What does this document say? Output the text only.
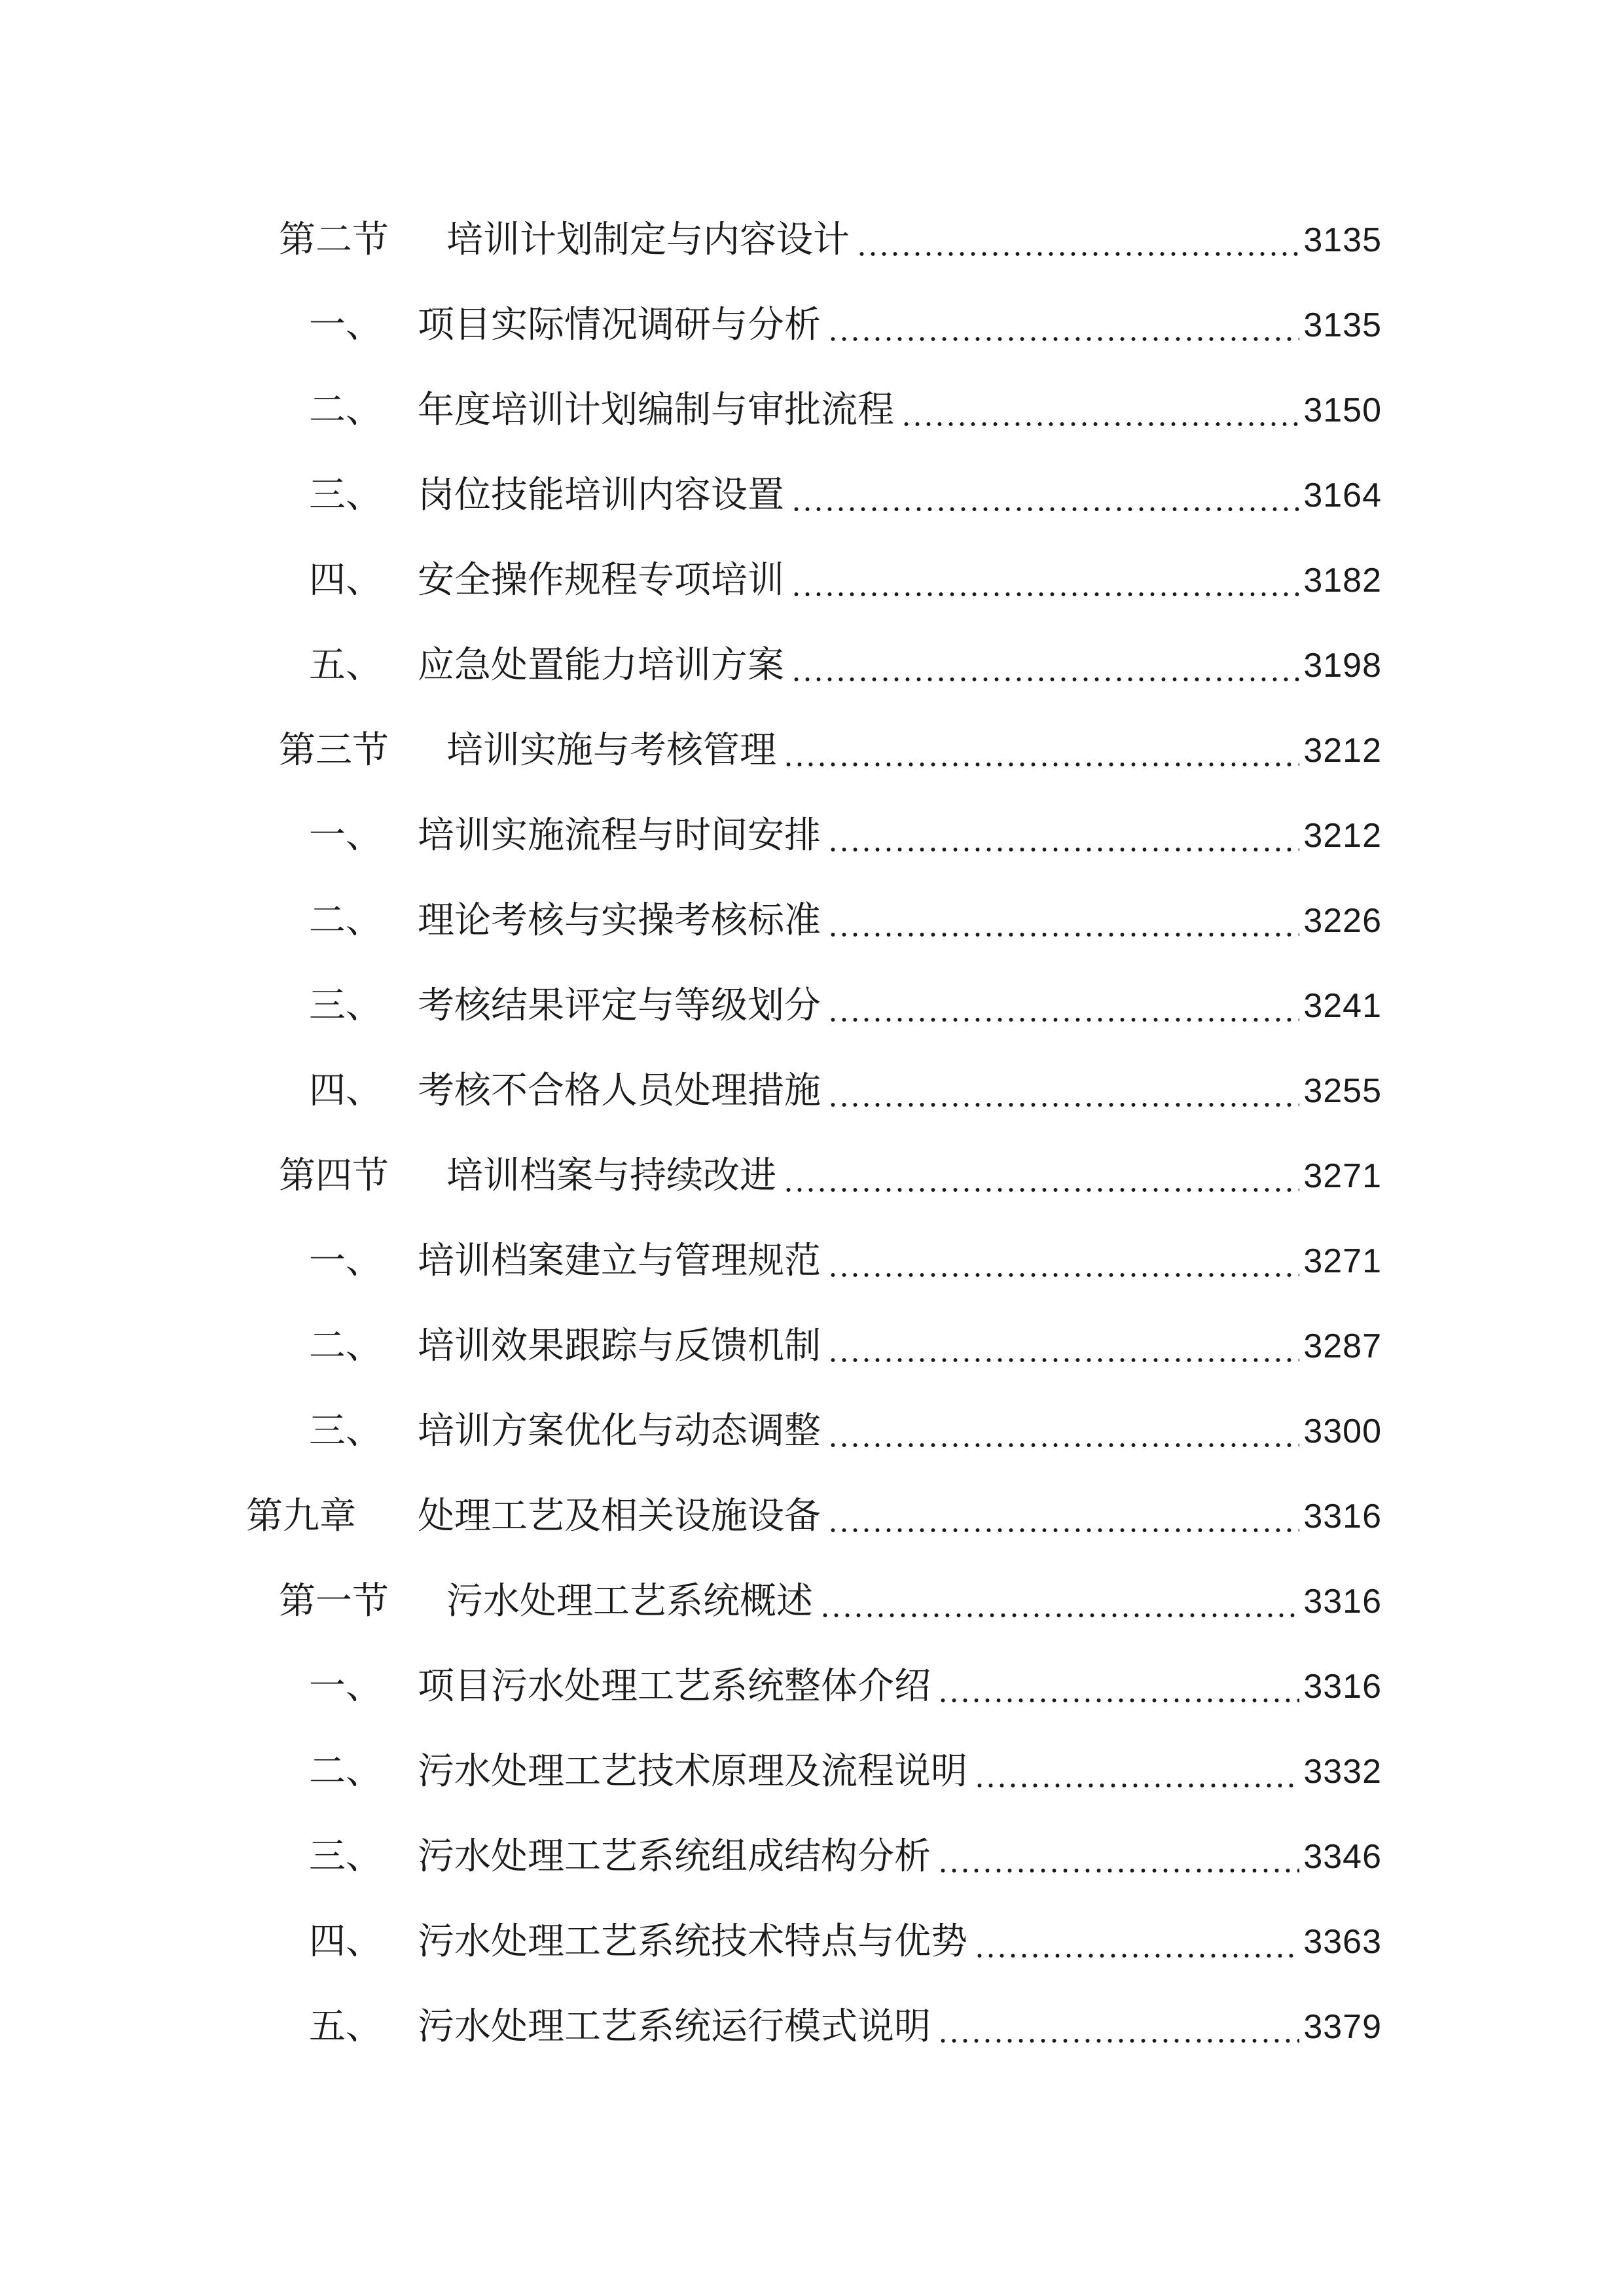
第二节	培训计划制定与内容设计	3135
一、 项目实际情况调研与分析	3135
二、 年度培训计划编制与审批流程	3150
三、 岗位技能培训内容设置	3164
四、 安全操作规程专项培训	3182
五、 应急处置能力培训方案	3198
第三节	培训实施与考核管理	3212
一、 培训实施流程与时间安排	3212
二、 理论考核与实操考核标准	3226
三、 考核结果评定与等级划分	3241
四、 考核不合格人员处理措施	3255
第四节	培训档案与持续改进	3271
一、 培训档案建立与管理规范	3271
二、 培训效果跟踪与反馈机制	3287
三、 培训方案优化与动态调整	3300
第九章	处理工艺及相关设施设备	3316
第一节	污水处理工艺系统概述	3316
一、 项目污水处理工艺系统整体介绍	3316
二、 污水处理工艺技术原理及流程说明	3332
三、 污水处理工艺系统组成结构分析	3346
四、 污水处理工艺系统技术特点与优势	3363
五、 污水处理工艺系统运行模式说明	3379
